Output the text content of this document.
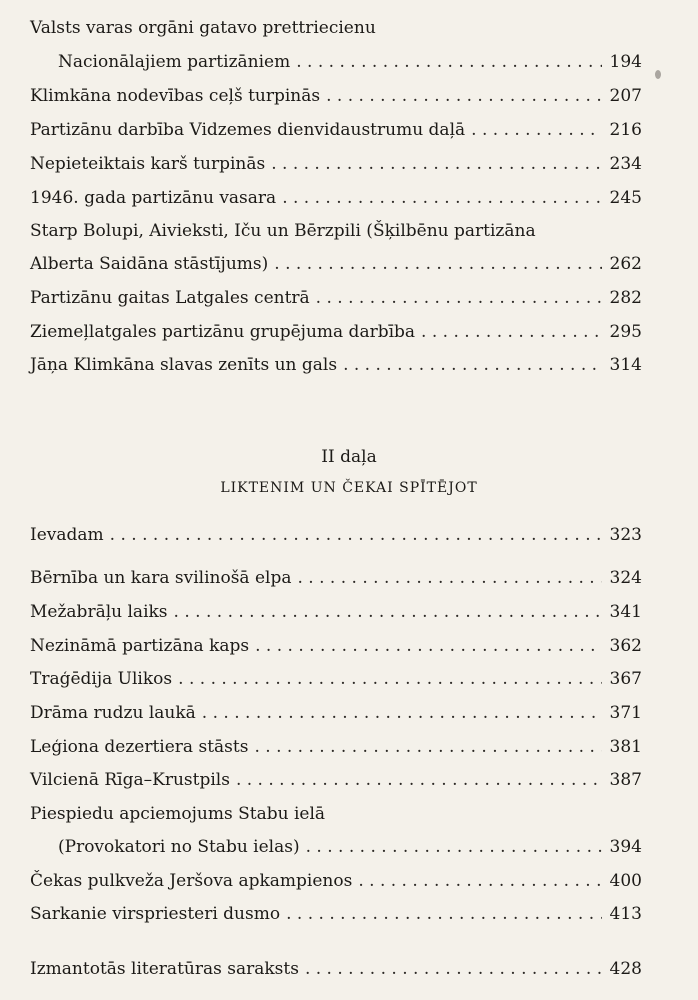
Valsts varas orgāni gatavo prettriecienu
Nacionālajiem partizāniem . . .	194
Klimkāna nodevības ceļš turpinās . . .	207
Partizānu darbība Vidzemes dienvidaustrumu daļā . . .	216
Nepieteiktais karš turpinās . . .	234
1946. gada partizānu vasara . . .	245
Starp Bolupi, Aivieksti, Iču un Bērzpili (Šķilbēnu partizāna
Alberta Saidāna stāstījums) . . .	262
Partizānu gaitas Latgales centrā . . .	282
Ziemeļlatgales partizānu grupējuma darbība . . .	295
Jāņa Klimkāna slavas zenīts un gals . . .	314
II daļa
LIKTENIM UN ČEKAI SPĪTĒJOT
Ievadam . . .	323
Bērnība un kara svilinošā elpa . . .	324
Mežabrāļu laiks . . .	341
Nezināmā partizāna kaps . . .	362
Traģēdija Ulikos . . .	367
Drāma rudzu laukā . . .	371
Leģiona dezertiera stāsts . . .	381
Vilcienā Rīga–Krustpils . . .	387
Piespiedu apciemojums Stabu ielā
(Provokatori no Stabu ielas) . . .	394
Čekas pulkveža Jeršova apkampienos . . .	400
Sarkanie virspriesteri dusmo . . .	413
Izmantotās literatūras saraksts . . .	428
